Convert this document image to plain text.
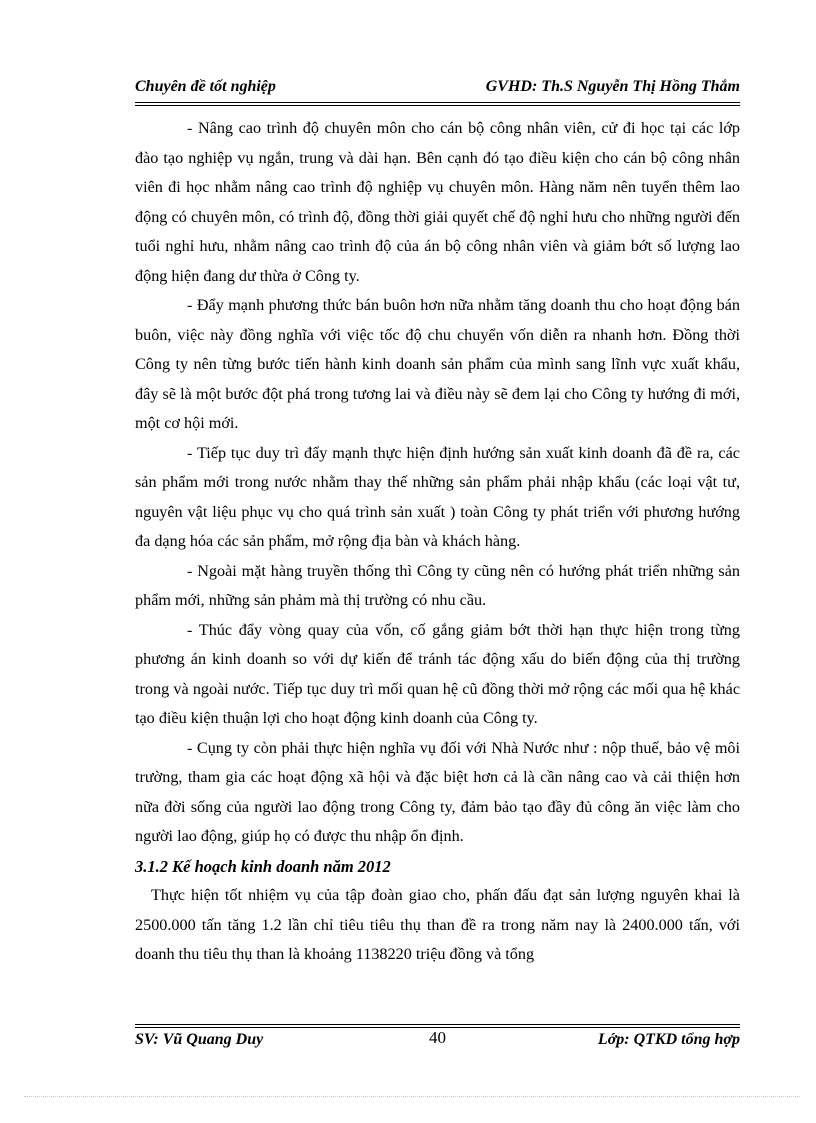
Chuyên đề tốt nghiệp	GVHD: Th.S Nguyễn Thị Hồng Thắm

- Nâng cao trình độ chuyên môn cho cán bộ công nhân viên, cử đi học tại các lớp đào tạo nghiệp vụ ngắn, trung và dài hạn. Bên cạnh đó tạo điều kiện cho cán bộ công nhân viên đi học nhằm nâng cao trình độ nghiệp vụ chuyên môn. Hàng năm nên tuyển thêm lao động có chuyên môn, có trình độ, đồng thời giải quyết chế độ nghỉ hưu cho những người đến tuổi nghỉ hưu, nhằm nâng cao trình độ của án bộ công nhân viên và giảm bớt số lượng lao động hiện đang dư thừa ở Công ty.

- Đẩy mạnh phương thức bán buôn hơn nữa nhằm tăng doanh thu cho hoạt động bán buôn, việc này đồng nghĩa với việc tốc độ chu chuyển vốn diễn ra nhanh hơn. Đồng thời Công ty nên từng bước tiến hành kinh doanh sản phẩm của mình sang lĩnh vực xuất khẩu, đây sẽ là một bước đột phá trong tương lai và điều này sẽ đem lại cho Công ty hướng đi mới, một cơ hội mới.

- Tiếp tục duy trì đẩy mạnh thực hiện định hướng sản xuất kinh doanh đã đề ra, các sản phẩm mới trong nước nhằm thay thế những sản phẩm phải nhập khẩu (các loại vật tư, nguyên vật liệu phục vụ cho quá trình sản xuất ) toàn Công ty phát triển với phương hướng đa dạng hóa các sản phẩm, mở rộng địa bàn và khách hàng.

- Ngoài mặt hàng truyền thống thì Công ty cũng nên có hướng phát triển những sản phẩm mới, những sản phảm mà thị trường có nhu cầu.

- Thúc đẩy vòng quay của vốn, cố gắng giảm bớt thời hạn thực hiện trong từng phương án kinh doanh so với dự kiến để tránh tác động xấu do biến động của thị trường trong và ngoài nước. Tiếp tục duy trì mối quan hệ cũ đồng thời mở rộng các mối qua hệ khác tạo điều kiện thuận lợi cho hoạt động kinh doanh của Công ty.

- Cụng ty còn phải thực hiện nghĩa vụ đối với Nhà Nước như : nộp thuế, bảo vệ môi trường, tham gia các hoạt động xã hội và đặc biệt hơn cả là cần nâng cao và cải thiện hơn nữa đời sống của người lao động trong Công ty, đảm bảo tạo đầy đủ công ăn việc làm cho người lao động, giúp họ có được thu nhập ổn định.

3.1.2 Kế hoạch kinh doanh năm 2012

Thực hiện tốt nhiệm vụ của tập đoàn giao cho, phấn đấu đạt sản lượng nguyên khai là 2500.000 tấn tăng 1.2 lần chỉ tiêu tiêu thụ than đề ra trong năm nay là 2400.000 tấn, với doanh thu tiêu thụ than là khoảng 1138220 triệu đồng và tổng

SV: Vũ Quang Duy	40	Lớp: QTKD tổng hợp
